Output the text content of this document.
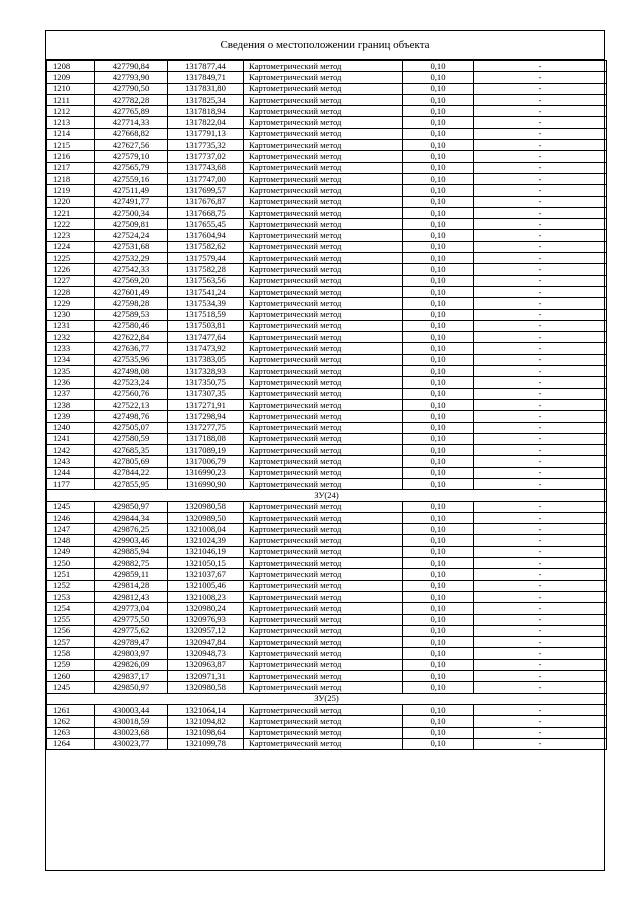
Сведения о местоположении границ объекта
1208	427790,84	1317877,44	Картометрический метод	0,10	-
1209	427793,90	1317849,71	Картометрический метод	0,10	-
1210	427790,50	1317831,80	Картометрический метод	0,10	-
1211	427782,28	1317825,34	Картометрический метод	0,10	-
1212	427765,89	1317818,94	Картометрический метод	0,10	-
1213	427714,33	1317822,04	Картометрический метод	0,10	-
1214	427668,82	1317791,13	Картометрический метод	0,10	-
1215	427627,56	1317735,32	Картометрический метод	0,10	-
1216	427579,10	1317737,02	Картометрический метод	0,10	-
1217	427565,79	1317743,68	Картометрический метод	0,10	-
1218	427559,16	1317747,00	Картометрический метод	0,10	-
1219	427511,49	1317699,57	Картометрический метод	0,10	-
1220	427491,77	1317676,87	Картометрический метод	0,10	-
1221	427500,34	1317668,75	Картометрический метод	0,10	-
1222	427509,81	1317655,45	Картометрический метод	0,10	-
1223	427524,24	1317604,94	Картометрический метод	0,10	-
1224	427531,68	1317582,62	Картометрический метод	0,10	-
1225	427532,29	1317579,44	Картометрический метод	0,10	-
1226	427542,33	1317582,28	Картометрический метод	0,10	-
1227	427569,20	1317563,56	Картометрический метод	0,10	-
1228	427601,49	1317541,24	Картометрический метод	0,10	-
1229	427598,28	1317534,39	Картометрический метод	0,10	-
1230	427589,53	1317518,59	Картометрический метод	0,10	-
1231	427580,46	1317503,81	Картометрический метод	0,10	-
1232	427622,84	1317477,64	Картометрический метод	0,10	-
1233	427636,77	1317473,92	Картометрический метод	0,10	-
1234	427535,96	1317383,05	Картометрический метод	0,10	-
1235	427498,08	1317328,93	Картометрический метод	0,10	-
1236	427523,24	1317350,75	Картометрический метод	0,10	-
1237	427560,76	1317307,35	Картометрический метод	0,10	-
1238	427522,13	1317271,91	Картометрический метод	0,10	-
1239	427498,76	1317298,94	Картометрический метод	0,10	-
1240	427505,07	1317277,75	Картометрический метод	0,10	-
1241	427580,59	1317188,08	Картометрический метод	0,10	-
1242	427685,35	1317089,19	Картометрический метод	0,10	-
1243	427805,69	1317006,79	Картометрический метод	0,10	-
1244	427844,22	1316990,23	Картометрический метод	0,10	-
1177	427855,95	1316990,90	Картометрический метод	0,10	-
ЗУ(24)					
1245	429850,97	1320980,58	Картометрический метод	0,10	-
1246	429844,34	1320989,50	Картометрический метод	0,10	-
1247	429876,25	1321008,04	Картометрический метод	0,10	-
1248	429903,46	1321024,39	Картометрический метод	0,10	-
1249	429885,94	1321046,19	Картометрический метод	0,10	-
1250	429882,75	1321050,15	Картометрический метод	0,10	-
1251	429859,11	1321037,67	Картометрический метод	0,10	-
1252	429814,28	1321005,46	Картометрический метод	0,10	-
1253	429812,43	1321008,23	Картометрический метод	0,10	-
1254	429773,04	1320980,24	Картометрический метод	0,10	-
1255	429775,50	1320976,93	Картометрический метод	0,10	-
1256	429775,62	1320957,12	Картометрический метод	0,10	-
1257	429789,47	1320947,84	Картометрический метод	0,10	-
1258	429803,97	1320948,73	Картометрический метод	0,10	-
1259	429826,09	1320963,87	Картометрический метод	0,10	-
1260	429837,17	1320971,31	Картометрический метод	0,10	-
1245	429850,97	1320980,58	Картометрический метод	0,10	-
ЗУ(25)					
1261	430003,44	1321064,14	Картометрический метод	0,10	-
1262	430018,59	1321094,82	Картометрический метод	0,10	-
1263	430023,68	1321098,64	Картометрический метод	0,10	-
1264	430023,77	1321099,78	Картометрический метод	0,10	-
